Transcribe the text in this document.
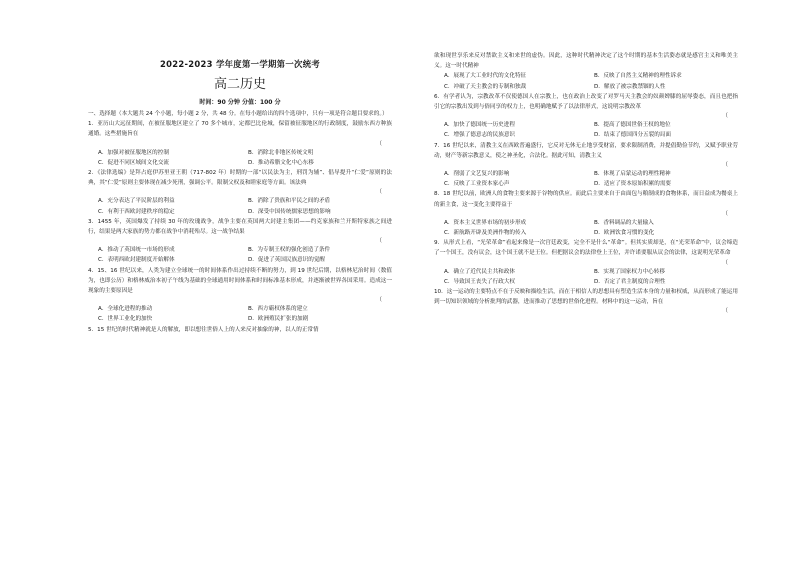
2022-2023 学年度第一学期第一次统考
高二历史
时间：90 分钟 分值：100 分
一、选择题（本大题共 24 个小题，每小题 2 分，共 48 分。在每小题给出的四个选项中，只有一项是符合题目要求的。）
1．亚历山大远征期间，在被征服地区建立了 70 多个城市，定都巴比伦城，保留被征服地区的行政制度，鼓励东西方种族通婚。这些措施旨在
（
A．加强对被征服地区的控制	B．消除北非地区传统文明
C．促进不同区域间文化交流	D．推动希腊文化中心东移
2．《法律选编》是拜占庭伊苏里亚王朝（717-802 年）时期的一部“以民法为主，刑罚为辅”、倡导提升“仁爱”原则的法典，其“仁爱”原则主要体现在减少死刑，强调公平。限制父权及和睦家庭等方面。该法典
（
A．充分表达了平民阶层的利益	B．消除了贵族和平民之间的矛盾
C．有利于西欧封建秩序的稳定	D．深受中国传统儒家思想的影响
3．1455 年，英国爆发了持续 30 年的玫瑰战争，战争主要在英国两大封建主集团——约克家族和兰开斯特家族之间进行，结果是两大家族的势力都在战争中消耗殆尽。这一战争结果
（
A．推动了英国统一市场的形成	B．为专制王权的强化创造了条件
C．表明西欧封建制度开始解体	D．促进了英国民族意识的觉醒
4．15、16 世纪以来，人类为建立全球统一的时间体系作出过持续不断的努力，到 19 世纪后期，以格林尼治时间（数值为，也即公历）和格林威治本初子午线为基础的全球通用时间体系和时间标准基本形成，并逐渐被世界各国采用。造成这一现象的主要原因是
（
A．全球化进程的推动	B．西方霸权体系的建立
C．世界工业化的加快	D．欧洲殖民扩张的加剧
5．15 世纪的时代精神就是人的解放，即以想往世俗人上的人来反对抽象的神，以人的正常情
欲和现世享乐来反对禁欲主义和来世的虚伪。因此，这种时代精神决定了这个时期的基本生活姿态就是感官主义和唯美主义。这一时代精神
A．展现了大工业时代的文化特征	B．反映了自然主义精神的理性诉求
C．冲破了天主教会的专制和独裁	D．解放了被宗教禁锢的人性
6．有学者认为，宗教改革不仅使德国人在宗教上，也在政治上改变了对罗马天主教会的奴颜婢膝的屈辱姿态，而且也把指引它的宗教出发到与俗同享的权力上，也明确地赋予了以法律形式，这说明宗教改革
（
A．加快了德国统一历史进程	B．提高了德国世俗王权的地位
C．增强了德意志的民族意识	D．结束了德国四分五裂的局面
7．16 世纪以来，清教主义在西欧普遍盛行，它反对无休无止地享受财富，要求限制消费，并提倡勤俭节约，又赋予职业劳动，财产等新宗教意义，使之神圣化，合法化。据此可知，清教主义
（
A．削弱了文艺复兴的影响	B．体现了启蒙运动的理性精神
C．反映了工业资本家心声	D．适应了资本原始积累的需要
8．18 世纪以前，欧洲人的食物主要来源于谷物的供应。而此后主要来自于由面包与粮制成的食物体系，而日益成为餐桌上的新主食，这一变化主要得益于
（
A．资本主义世界市场的初步形成	B．香料调品的大量输入
C．新航路开辟及美洲作物的传入	D．欧洲饮食习惯的变化
9．从形式上看，“光荣革命”看起来像是一次宫廷政变，完全不是什么“革命”。但其实质却是，在“光荣革命”中，议会缔造了一个国王，没有议会，这个国王就不是王位。但把据议会的法律登上王位，并许诺要服从议会的法律，这说明光荣革命
（
A．确立了近代民主共和政体	B．实现了国家权力中心转移
C．导致国王丧失了行政大权	D．否定了君主制度的合理性
10．这一运动的主要特点不在于反映和描绘生活，而在于相信人的思想具有塑造生活本身的力量和权威，从而形成了能运用到一切知识领域的分析批判的武器，进而推动了思想的世俗化进程。材料中的这一运动，旨在
（
